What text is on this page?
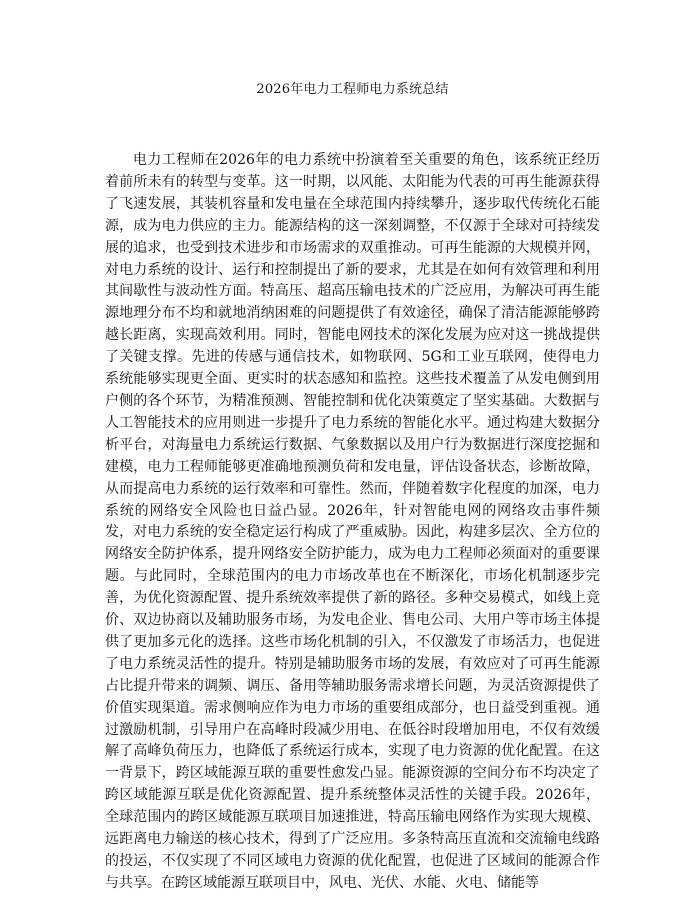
2026年电力工程师电力系统总结

电力工程师在2026年的电力系统中扮演着至关重要的角色，该系统正经历着前所未有的转型与变革。这一时期，以风能、太阳能为代表的可再生能源获得了飞速发展，其装机容量和发电量在全球范围内持续攀升，逐步取代传统化石能源，成为电力供应的主力。能源结构的这一深刻调整，不仅源于全球对可持续发展的追求，也受到技术进步和市场需求的双重推动。可再生能源的大规模并网，对电力系统的设计、运行和控制提出了新的要求，尤其是在如何有效管理和利用其间歇性与波动性方面。特高压、超高压输电技术的广泛应用，为解决可再生能源地理分布不均和就地消纳困难的问题提供了有效途径，确保了清洁能源能够跨越长距离，实现高效利用。同时，智能电网技术的深化发展为应对这一挑战提供了关键支撑。先进的传感与通信技术，如物联网、5G和工业互联网，使得电力系统能够实现更全面、更实时的状态感知和监控。这些技术覆盖了从发电侧到用户侧的各个环节，为精准预测、智能控制和优化决策奠定了坚实基础。大数据与人工智能技术的应用则进一步提升了电力系统的智能化水平。通过构建大数据分析平台，对海量电力系统运行数据、气象数据以及用户行为数据进行深度挖掘和建模，电力工程师能够更准确地预测负荷和发电量，评估设备状态，诊断故障，从而提高电力系统的运行效率和可靠性。然而，伴随着数字化程度的加深，电力系统的网络安全风险也日益凸显。2026年，针对智能电网的网络攻击事件频发，对电力系统的安全稳定运行构成了严重威胁。因此，构建多层次、全方位的网络安全防护体系，提升网络安全防护能力，成为电力工程师必须面对的重要课题。与此同时，全球范围内的电力市场改革也在不断深化，市场化机制逐步完善，为优化资源配置、提升系统效率提供了新的路径。多种交易模式，如线上竞价、双边协商以及辅助服务市场，为发电企业、售电公司、大用户等市场主体提供了更加多元化的选择。这些市场化机制的引入，不仅激发了市场活力，也促进了电力系统灵活性的提升。特别是辅助服务市场的发展，有效应对了可再生能源占比提升带来的调频、调压、备用等辅助服务需求增长问题，为灵活资源提供了价值实现渠道。需求侧响应作为电力市场的重要组成部分，也日益受到重视。通过激励机制，引导用户在高峰时段减少用电、在低谷时段增加用电，不仅有效缓解了高峰负荷压力，也降低了系统运行成本，实现了电力资源的优化配置。在这一背景下，跨区域能源互联的重要性愈发凸显。能源资源的空间分布不均决定了跨区域能源互联是优化资源配置、提升系统整体灵活性的关键手段。2026年，全球范围内的跨区域能源互联项目加速推进，特高压输电网络作为实现大规模、远距离电力输送的核心技术，得到了广泛应用。多条特高压直流和交流输电线路的投运，不仅实现了不同区域电力资源的优化配置，也促进了区域间的能源合作与共享。在跨区域能源互联项目中，风电、光伏、水能、火电、储能等
